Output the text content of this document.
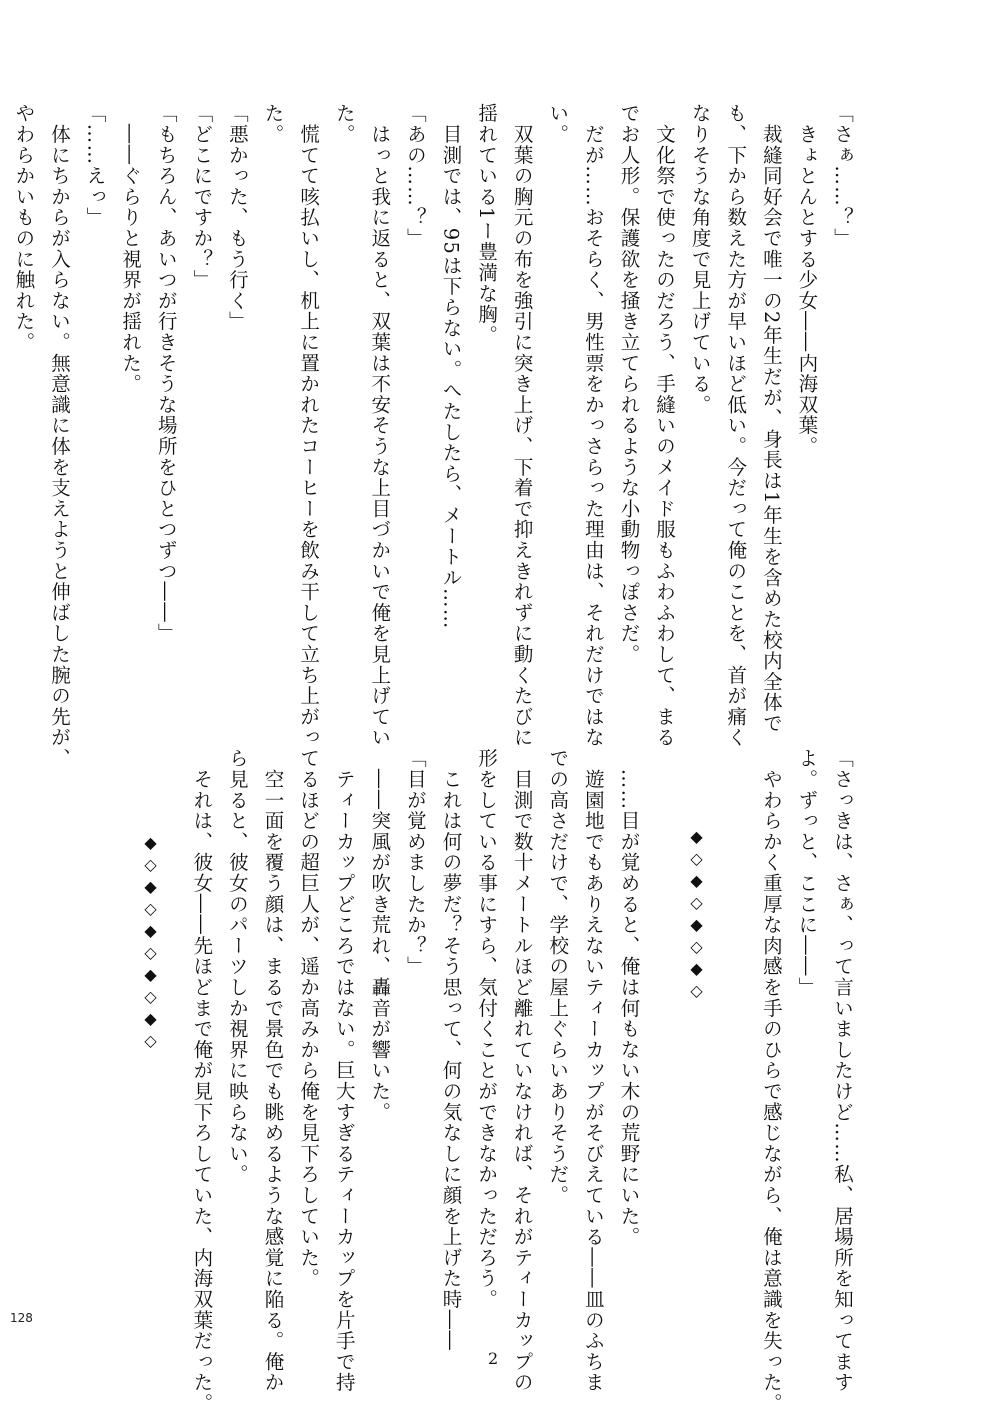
「さぁ……？」

　きょとんとする少女――内海双葉。

　裁縫同好会で唯一の2年生だが、身長は1年生を含めた校内全体で

も、下から数えた方が早いほど低い。今だって俺のことを、首が痛く

なりそうな角度で見上げている。

　文化祭で使ったのだろう、手縫いのメイド服もふわふわして、まる

でお人形。保護欲を掻き立てられるような小動物っぽさだ。

　だが……おそらく、男性票をかっさらった理由は、それだけではな

い。

　双葉の胸元の布を強引に突き上げ、下着で抑えきれずに動くたびに

揺れている1ー豊満な胸。

　目測では、95は下らない。へたしたら、メートル……

「あの……？」

　はっと我に返ると、双葉は不安そうな上目づかいで俺を見上げてい

た。

　慌てて咳払いし、机上に置かれたコーヒーを飲み干して立ち上がっ

た。

「悪かった、もう行く」

「どこにですか？」

「もちろん、あいつが行きそうな場所をひとつずつ――」

　――ぐらりと視界が揺れた。

「……えっ」

　体にちからが入らない。無意識に体を支えようと伸ばした腕の先が、

やわらかいものに触れた。

「さっきは、さぁ、って言いましたけど……私、居場所を知ってます

よ。ずっと、ここに――」

　やわらかく重厚な肉感を手のひらで感じながら、俺は意識を失った。

　……目が覚めると、俺は何もない木の荒野にいた。

　遊園地でもありえないティーカップがそびえている――皿のふちま

での高さだけで、学校の屋上ぐらいありそうだ。

　目測で数十メートルほど離れていなければ、それがティーカップの

形をしている事にすら、気付くことができなかっただろう。

　これは何の夢だ？そう思って、何の気なしに顔を上げた時――

「目が覚めましたか？」

　――突風が吹き荒れ、轟音が響いた。

　ティーカップどころではない。巨大すぎるティーカップを片手で持

てるほどの超巨人が、遥か高みから俺を見下ろしていた。

　空一面を覆う顔は、まるで景色でも眺めるような感覚に陥る。俺か

ら見ると、彼女のパーツしか視界に映らない。

　それは、彼女――先ほどまで俺が見下ろしていた、内海双葉だった。	◆◇◆◇◆◇◆◇
◆◇◆◇◆◇◆◇◆◇
128
2
